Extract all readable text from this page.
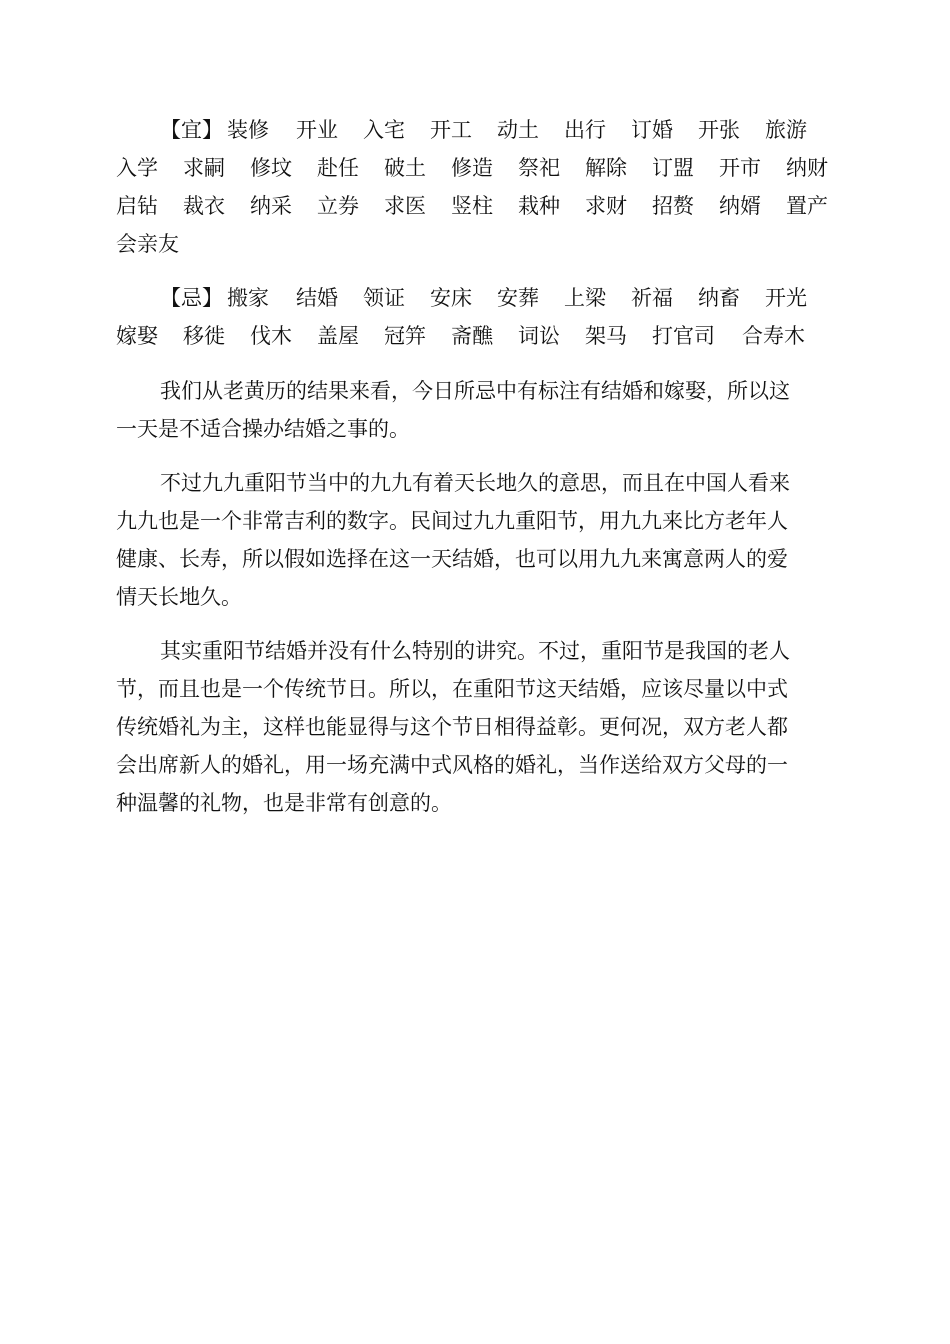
【宜】 装修 开业 入宅 开工 动土 出行 订婚 开张 旅游
入学 求嗣 修坟 赴任 破土 修造 祭祀 解除 订盟 开市 纳财
启钻 裁衣 纳采 立券 求医 竖柱 栽种 求财 招赘 纳婿 置产
会亲友
【忌】 搬家 结婚 领证 安床 安葬 上梁 祈福 纳畜 开光
嫁娶 移徙 伐木 盖屋 冠笄 斋醮 词讼 架马 打官司 合寿木
我们从老黄历的结果来看，今日所忌中有标注有结婚和嫁娶，所以这
一天是不适合操办结婚之事的。
不过九九重阳节当中的九九有着天长地久的意思，而且在中国人看来
九九也是一个非常吉利的数字。民间过九九重阳节，用九九来比方老年人
健康、长寿，所以假如选择在这一天结婚，也可以用九九来寓意两人的爱
情天长地久。
其实重阳节结婚并没有什么特别的讲究。不过，重阳节是我国的老人
节，而且也是一个传统节日。所以，在重阳节这天结婚，应该尽量以中式
传统婚礼为主，这样也能显得与这个节日相得益彰。更何况，双方老人都
会出席新人的婚礼，用一场充满中式风格的婚礼，当作送给双方父母的一
种温馨的礼物，也是非常有创意的。
